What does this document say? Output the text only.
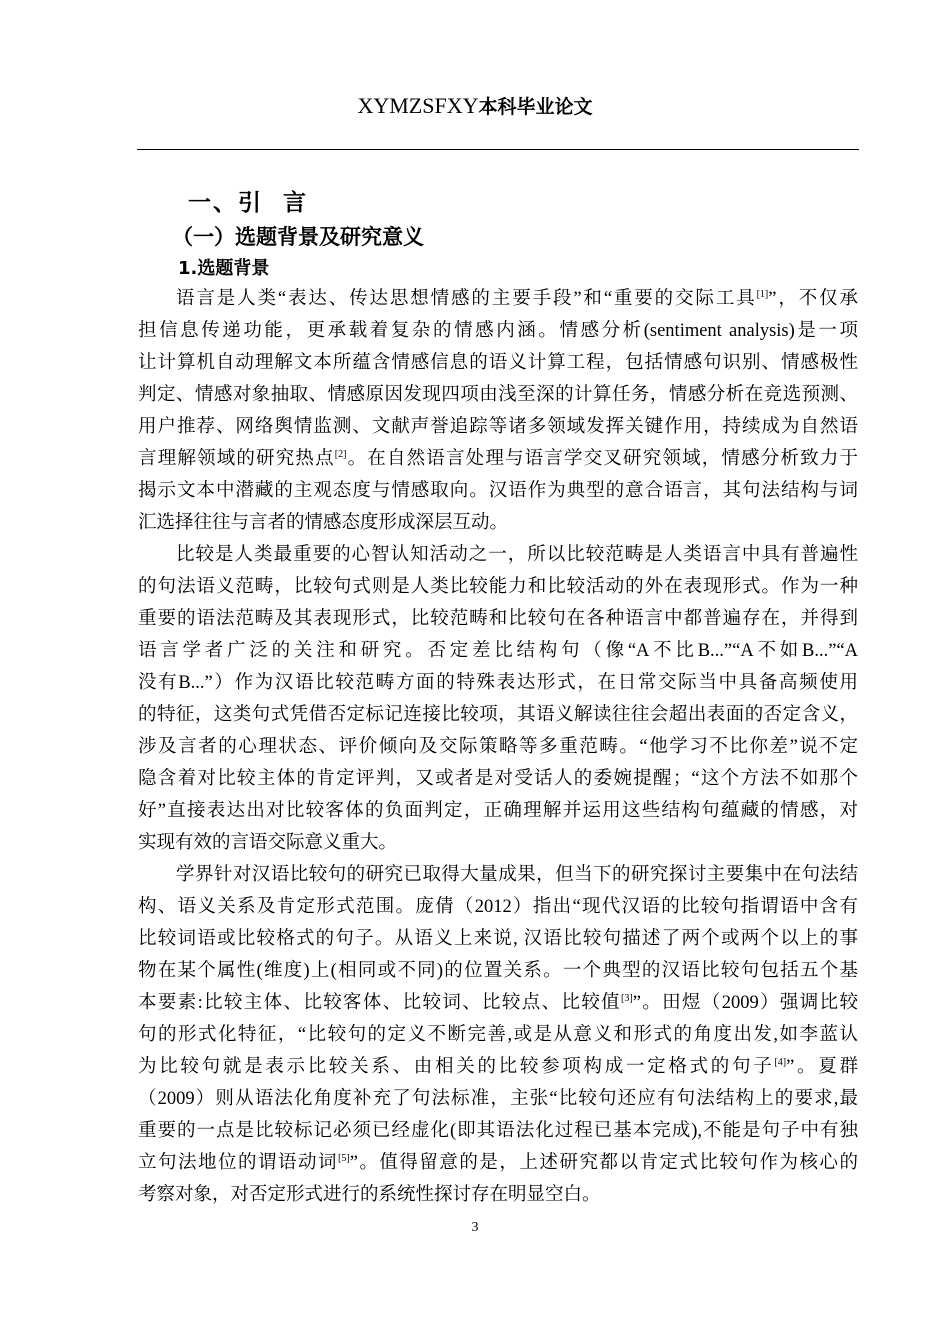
XYMZSFXY本科毕业论文
一、引  言
（一）选题背景及研究意义
1.选题背景
语言是人类“表达、传达思想情感的主要手段”和“重要的交际工具[1]”，不仅承
担信息传递功能，更承载着复杂的情感内涵。情感分析(sentiment analysis)是一项
让计算机自动理解文本所蕴含情感信息的语义计算工程，包括情感句识别、情感极性
判定、情感对象抽取、情感原因发现四项由浅至深的计算任务，情感分析在竞选预测、
用户推荐、网络舆情监测、文献声誉追踪等诸多领域发挥关键作用，持续成为自然语
言理解领域的研究热点[2]。在自然语言处理与语言学交叉研究领域，情感分析致力于
揭示文本中潜藏的主观态度与情感取向。汉语作为典型的意合语言，其句法结构与词
汇选择往往与言者的情感态度形成深层互动。
比较是人类最重要的心智认知活动之一，所以比较范畴是人类语言中具有普遍性
的句法语义范畴，比较句式则是人类比较能力和比较活动的外在表现形式。作为一种
重要的语法范畴及其表现形式，比较范畴和比较句在各种语言中都普遍存在，并得到
语言学者广泛的关注和研究。否定差比结构句（像“A不比B...”“A不如B...”“A
没有B...”）作为汉语比较范畴方面的特殊表达形式，在日常交际当中具备高频使用
的特征，这类句式凭借否定标记连接比较项，其语义解读往往会超出表面的否定含义，
涉及言者的心理状态、评价倾向及交际策略等多重范畴。“他学习不比你差”说不定
隐含着对比较主体的肯定评判，又或者是对受话人的委婉提醒；“这个方法不如那个
好”直接表达出对比较客体的负面判定，正确理解并运用这些结构句蕴藏的情感，对
实现有效的言语交际意义重大。
学界针对汉语比较句的研究已取得大量成果，但当下的研究探讨主要集中在句法结
构、语义关系及肯定形式范围。庞倩（2012）指出“现代汉语的比较句指谓语中含有
比较词语或比较格式的句子。从语义上来说, 汉语比较句描述了两个或两个以上的事
物在某个属性(维度)上(相同或不同)的位置关系。一个典型的汉语比较句包括五个基
本要素:比较主体、比较客体、比较词、比较点、比较值[3]”。田煜（2009）强调比较
句的形式化特征，“比较句的定义不断完善,或是从意义和形式的角度出发,如李蓝认
为比较句就是表示比较关系、由相关的比较参项构成一定格式的句子[4]”。夏群
（2009）则从语法化角度补充了句法标准，主张“比较句还应有句法结构上的要求,最
重要的一点是比较标记必须已经虚化(即其语法化过程已基本完成),不能是句子中有独
立句法地位的谓语动词[5]”。值得留意的是，上述研究都以肯定式比较句作为核心的
考察对象，对否定形式进行的系统性探讨存在明显空白。
3
